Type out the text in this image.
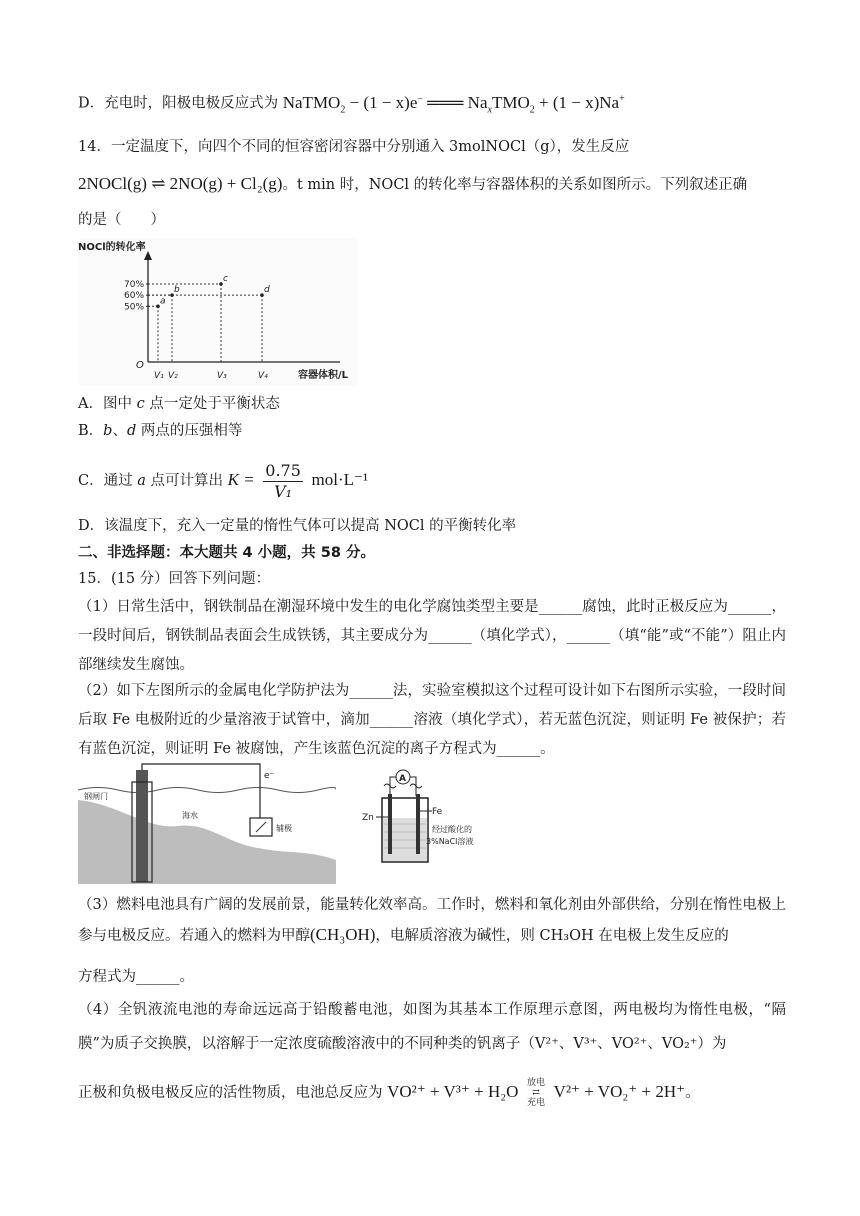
D．充电时，阳极电极反应式为 NaTMO$_2$ − (1 − x)e− ═══ $Na_xTMO_2 + (1 - x)Na^+$
14．一定温度下，向四个不同的恒容密闭容器中分别通入 3molNOCl（g），发生反应
2NOCl(g) ⇌ 2NO(g) + Cl₂(g)。t min 时，NOCl 的转化率与容器体积的关系如图所示。下列叙述正确
的是（　　）
NOCl的转化率
O
容器体积/L
70%
60%
50%
V₁ V₂	V₃	V₄
a
b
c
d
A．图中 c 点一定处于平衡状态
B．b、d 两点的压强相等
C．通过 a 点可计算出 $K = \frac{0.75}{\text{V₁}} mol\cdot L^{-1}$
D．该温度下，充入一定量的惰性气体可以提高 NOCl 的平衡转化率
二、非选择题：本大题共 4 小题，共 58 分。
15．(15 分）回答下列问题：
（1）日常生活中，钢铁制品在潮湿环境中发生的电化学腐蚀类型主要是______腐蚀，此时正极反应为______，一段时间后，钢铁制品表面会生成铁锈，其主要成分为______（填化学式），______（填“能”或“不能”）阻止内部继续发生腐蚀。
（2）如下左图所示的金属电化学防护法为______法，实验室模拟这个过程可设计如下右图所示实验，一段时间后取 Fe 电极附近的少量溶液于试管中，滴加______溶液（填化学式），若无蓝色沉淀，则证明 Fe 被保护；若有蓝色沉淀，则证明 Fe 被腐蚀，产生该蓝色沉淀的离子方程式为______。
钢闸门
海水
辅极
e⁻	A
Zn
Fe
经过酸化的
3%NaCl溶液
（3）燃料电池具有广阔的发展前景，能量转化效率高。工作时，燃料和氧化剂由外部供给，分别在惰性电极上参与电极反应。若通入的燃料为甲醇(CH₃OH)，电解质溶液为碱性，则 CH₃OH 在电极上发生反应的
方程式为______。
（4）全钒液流电池的寿命远远高于铅酸蓄电池，如图为其基本工作原理示意图，两电极均为惰性电极，“隔膜”为质子交换膜，以溶解于一定浓度硫酸溶液中的不同种类的钒离子（V²⁺、V³⁺、VO²⁺、VO₂⁺）为
正极和负极电极反应的活性物质，电池总反应为 VO²⁺ + V³⁺ + H₂O 放电
⇄
充电
V²⁺ + VO₂⁺ + 2H⁺。
